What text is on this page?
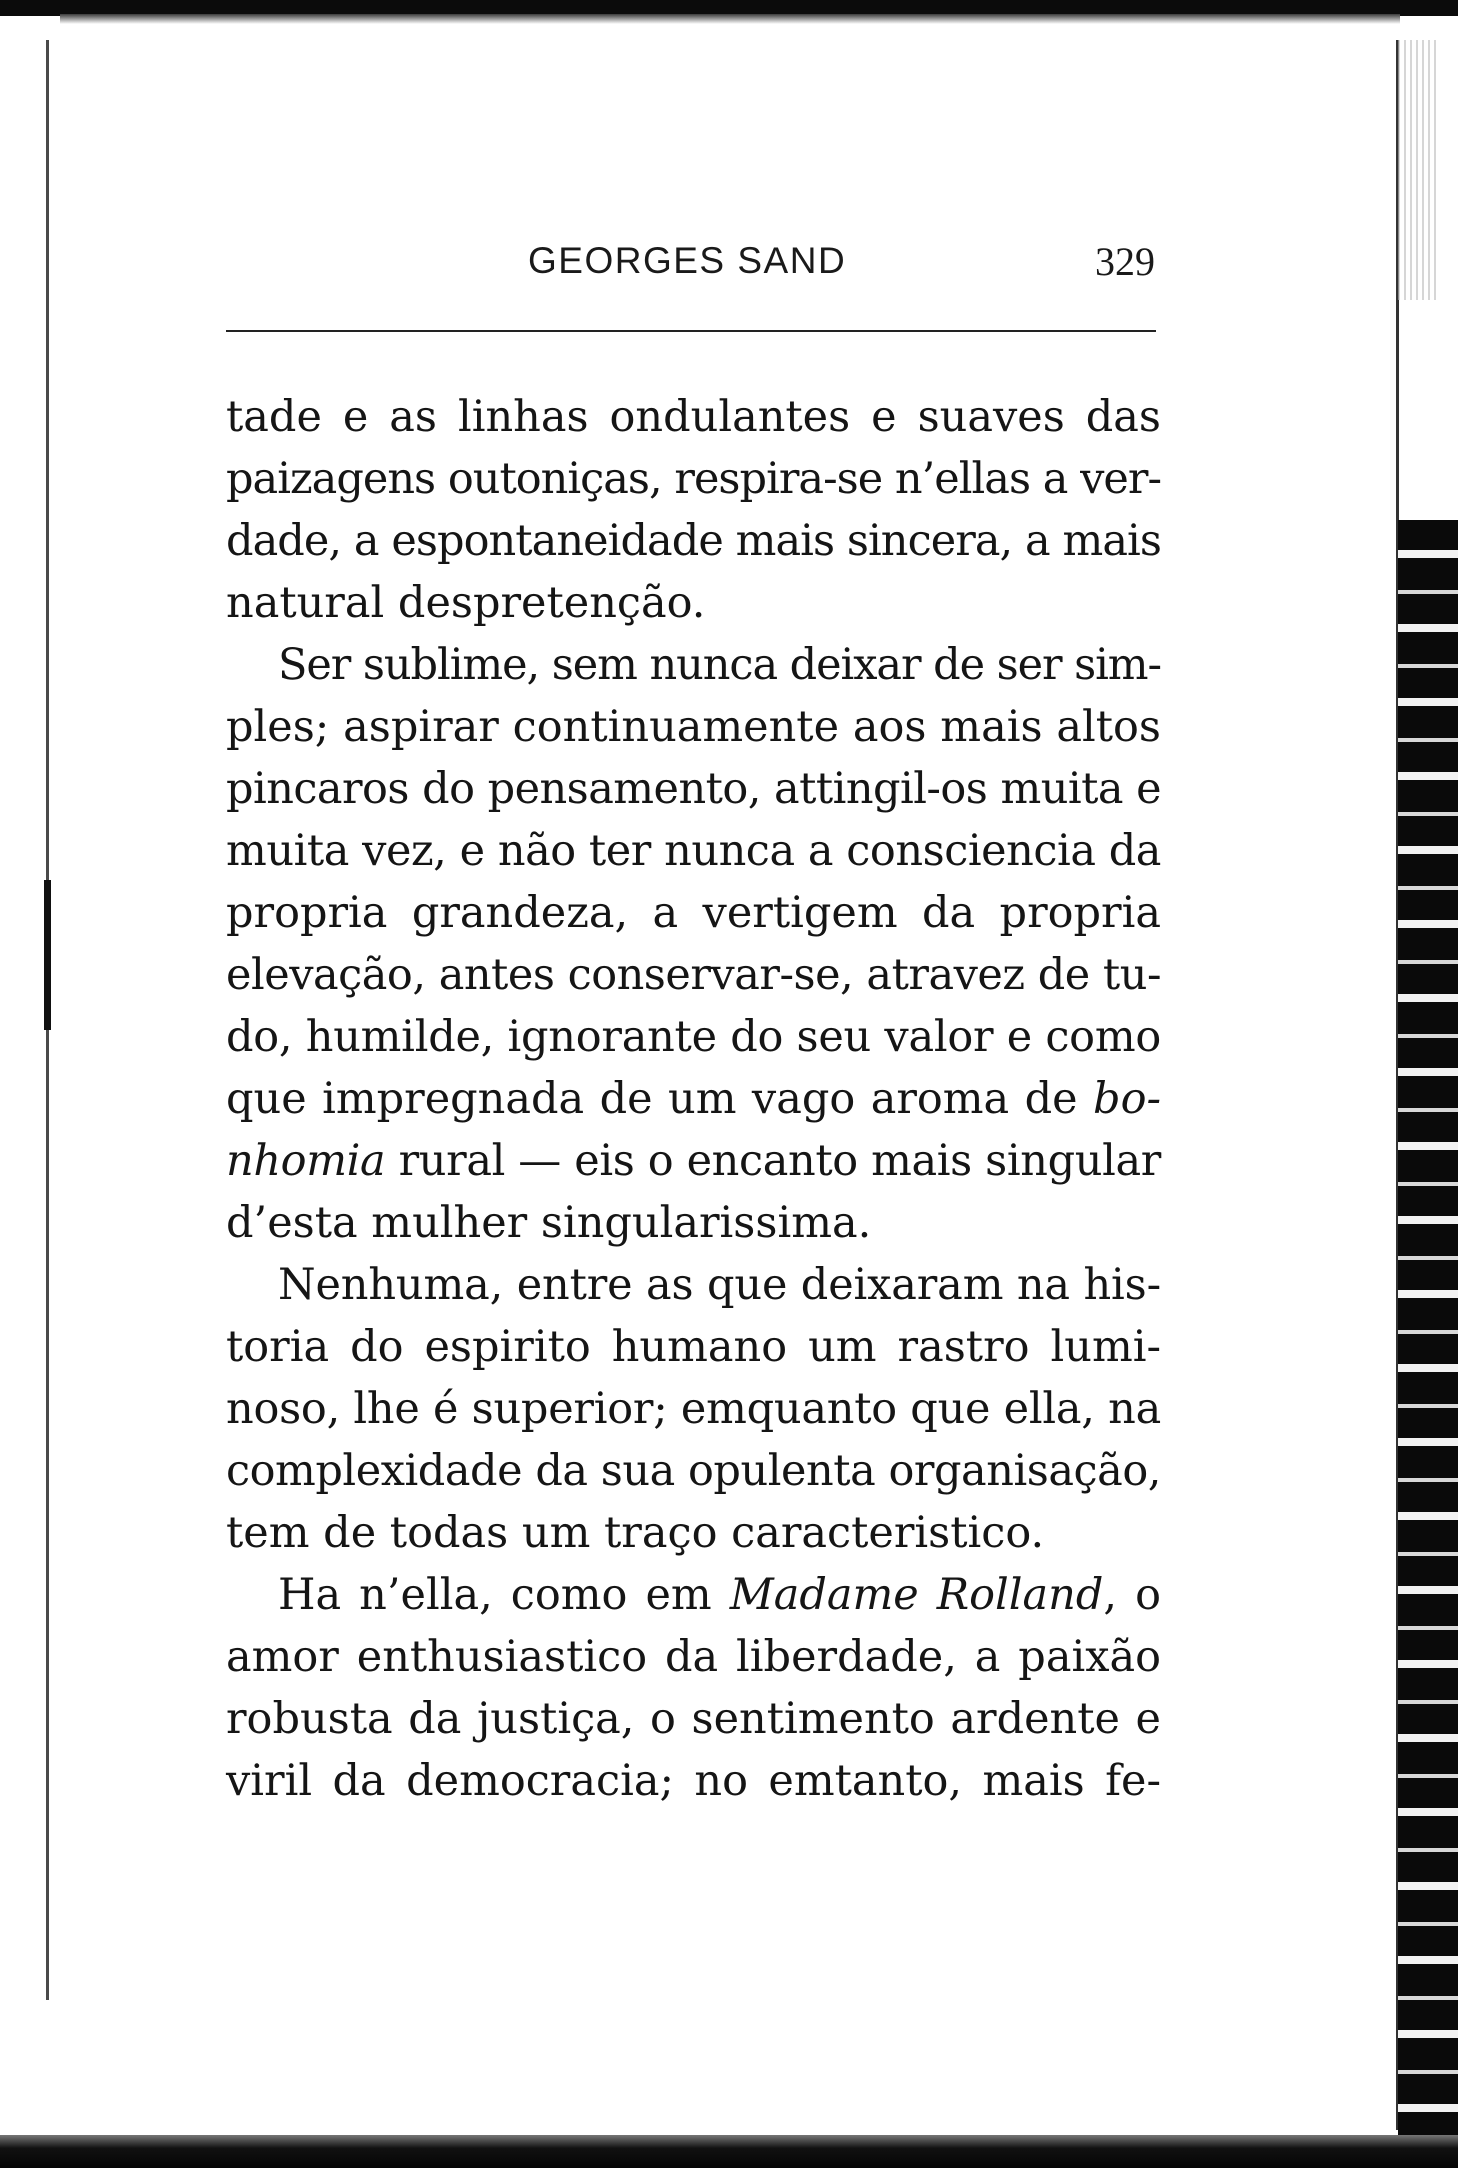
GEORGES SAND	329
tade e as linhas ondulantes e suaves das
paizagens outoniças, respira-se n’ellas a ver-
dade, a espontaneidade mais sincera, a mais
natural despretenção.
Ser sublime, sem nunca deixar de ser sim-
ples; aspirar continuamente aos mais altos
pincaros do pensamento, attingil-os muita e
muita vez, e não ter nunca a consciencia da
propria grandeza, a vertigem da propria
elevação, antes conservar-se, atravez de tu-
do, humilde, ignorante do seu valor e como
que impregnada de um vago aroma de bo-
nhomia rural — eis o encanto mais singular
d’esta mulher singularissima.
Nenhuma, entre as que deixaram na his-
toria do espirito humano um rastro lumi-
noso, lhe é superior; emquanto que ella, na
complexidade da sua opulenta organisação,
tem de todas um traço caracteristico.
Ha n’ella, como em Madame Rolland, o
amor enthusiastico da liberdade, a paixão
robusta da justiça, o sentimento ardente e
viril da democracia; no emtanto, mais fe-
